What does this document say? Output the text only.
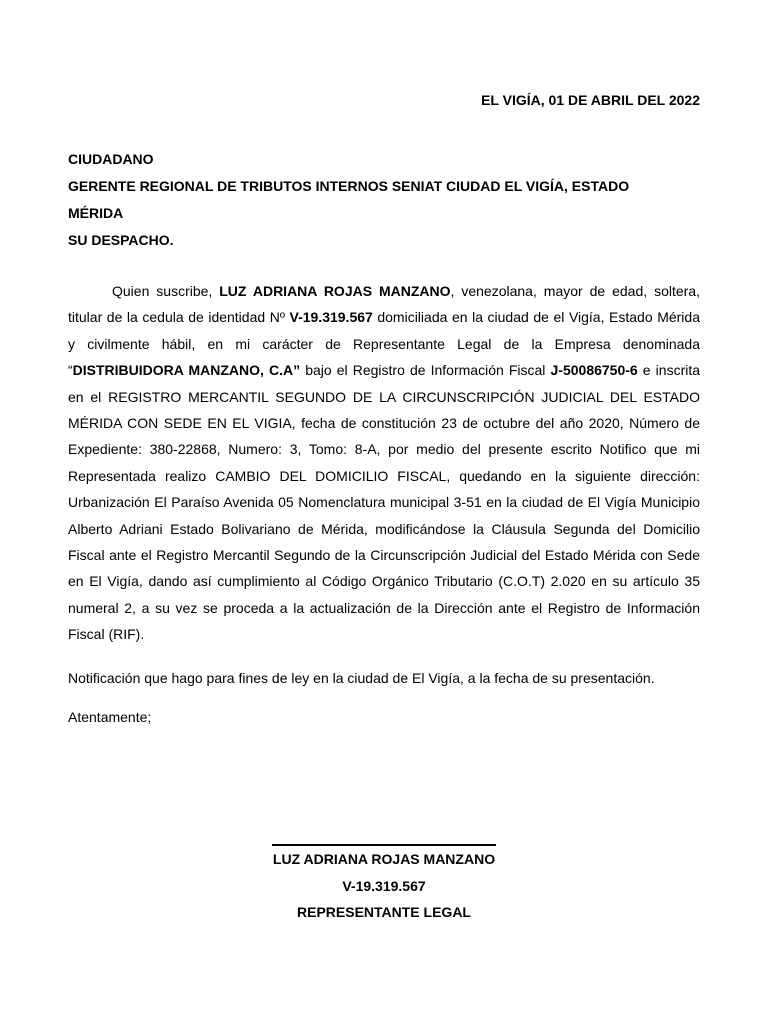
EL VIGÍA, 01 DE ABRIL DEL 2022
CIUDADANO
GERENTE REGIONAL DE TRIBUTOS INTERNOS SENIAT CIUDAD EL VIGÍA, ESTADO
MÉRIDA
SU DESPACHO.
Quien suscribe, LUZ ADRIANA ROJAS MANZANO, venezolana, mayor de edad, soltera, titular de la cedula de identidad Nº V-19.319.567 domiciliada en la ciudad de el Vigía, Estado Mérida y civilmente hábil, en mi carácter de Representante Legal de la Empresa denominada “DISTRIBUIDORA MANZANO, C.A” bajo el Registro de Información Fiscal J-50086750-6 e inscrita en el REGISTRO MERCANTIL SEGUNDO DE LA CIRCUNSCRIPCIÓN JUDICIAL DEL ESTADO MÉRIDA CON SEDE EN EL VIGIA, fecha de constitución 23 de octubre del año 2020, Número de Expediente: 380-22868, Numero: 3, Tomo: 8-A, por medio del presente escrito Notifico que mi Representada realizo CAMBIO DEL DOMICILIO FISCAL, quedando en la siguiente dirección: Urbanización El Paraíso Avenida 05 Nomenclatura municipal 3-51 en la ciudad de El Vigía Municipio Alberto Adriani Estado Bolivariano de Mérida, modificándose la Cláusula Segunda del Domicilio Fiscal ante el Registro Mercantil Segundo de la Circunscripción Judicial del Estado Mérida con Sede en El Vigía, dando así cumplimiento al Código Orgánico Tributario (C.O.T) 2.020 en su artículo 35 numeral 2, a su vez se proceda a la actualización de la Dirección ante el Registro de Información Fiscal (RIF).
Notificación que hago para fines de ley en la ciudad de El Vigía, a la fecha de su presentación.
Atentamente;
LUZ ADRIANA ROJAS MANZANO
V-19.319.567
REPRESENTANTE LEGAL
